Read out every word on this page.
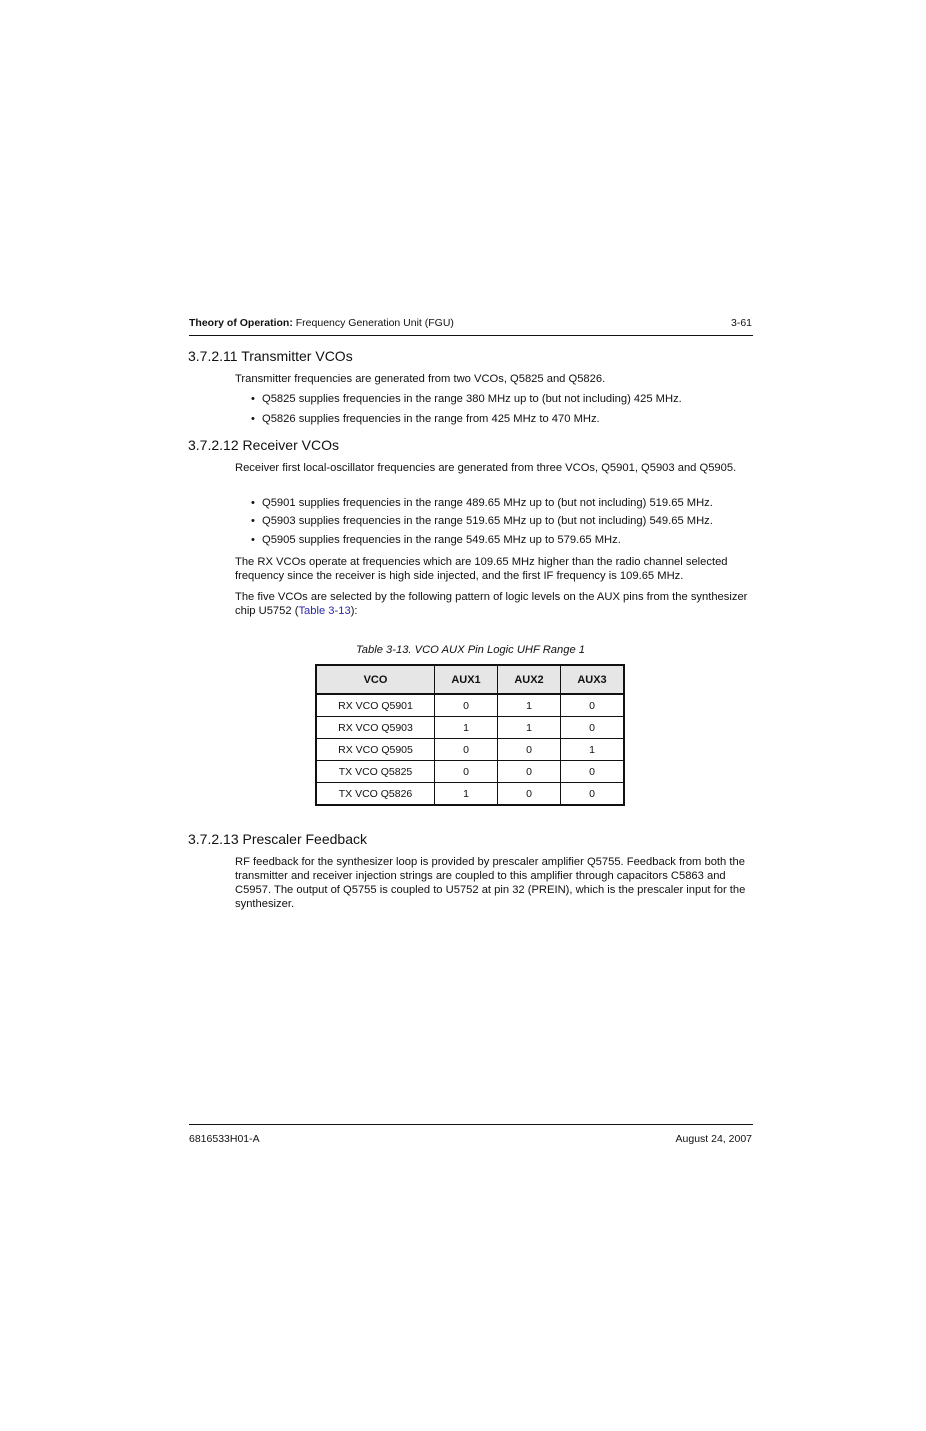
Theory of Operation: Frequency Generation Unit (FGU)	3-61
3.7.2.11 Transmitter VCOs

Transmitter frequencies are generated from two VCOs, Q5825 and Q5826.

• Q5825 supplies frequencies in the range 380 MHz up to (but not including) 425 MHz.
• Q5826 supplies frequencies in the range from 425 MHz to 470 MHz.
3.7.2.12 Receiver VCOs

Receiver first local-oscillator frequencies are generated from three VCOs, Q5901, Q5903 and Q5905.

• Q5901 supplies frequencies in the range 489.65 MHz up to (but not including) 519.65 MHz.
• Q5903 supplies frequencies in the range 519.65 MHz up to (but not including) 549.65 MHz.
• Q5905 supplies frequencies in the range 549.65 MHz up to 579.65 MHz.

The RX VCOs operate at frequencies which are 109.65 MHz higher than the radio channel selected frequency since the receiver is high side injected, and the first IF frequency is 109.65 MHz.

The five VCOs are selected by the following pattern of logic levels on the AUX pins from the synthesizer chip U5752 (Table 3-13):

Table 3-13. VCO AUX Pin Logic UHF Range 1
VCO	AUX1	AUX2	AUX3
RX VCO Q5901	0	1	0
RX VCO Q5903	1	1	0
RX VCO Q5905	0	0	1
TX VCO Q5825	0	0	0
TX VCO Q5826	1	0	0
3.7.2.13 Prescaler Feedback

RF feedback for the synthesizer loop is provided by prescaler amplifier Q5755. Feedback from both the transmitter and receiver injection strings are coupled to this amplifier through capacitors C5863 and C5957. The output of Q5755 is coupled to U5752 at pin 32 (PREIN), which is the prescaler input for the synthesizer.

6816533H01-A	August 24, 2007
